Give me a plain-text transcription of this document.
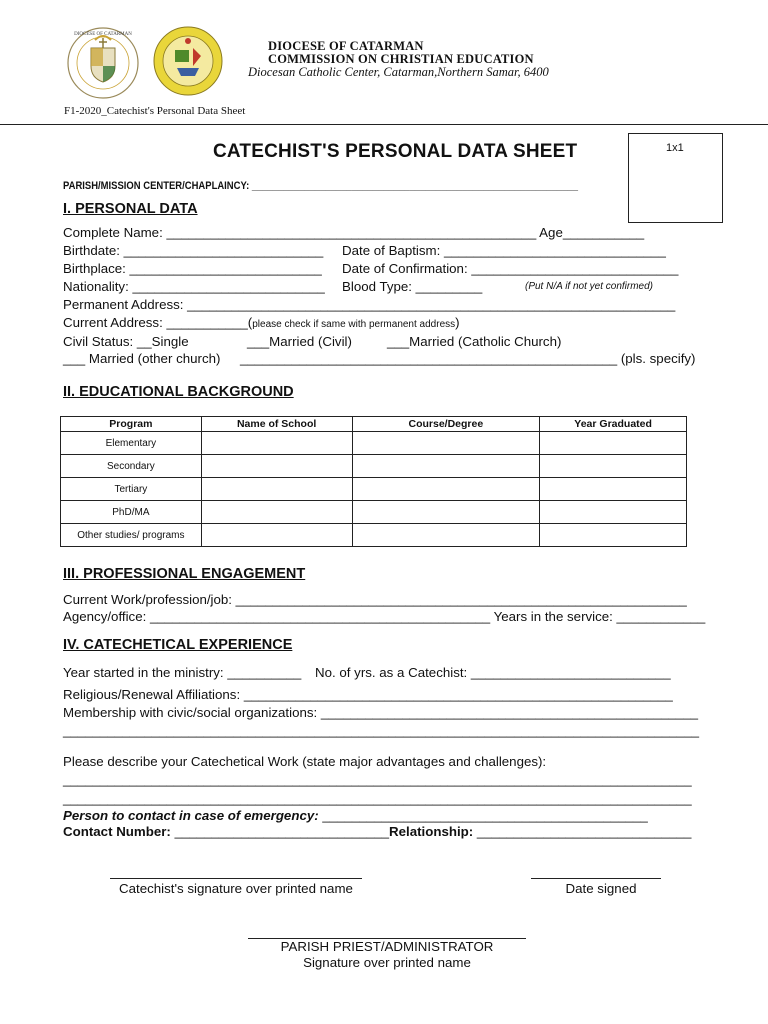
DIOCESE OF CATARMAN
DIOCESE OF CATARMAN
COMMISSION ON CHRISTIAN EDUCATION
Diocesan Catholic Center, Catarman,Northern Samar, 6400
F1-2020_Catechist's Personal Data Sheet
CATECHIST'S PERSONAL DATA SHEET	1x1
PARISH/MISSION CENTER/CHAPLAINCY: ______________________________________________________________
I. PERSONAL DATA
Complete Name: __________________________________________________ Age___________
Birthdate: ___________________________ Date of Baptism: ______________________________
Birthplace: __________________________ Date of Confirmation: ____________________________
Nationality: __________________________ Blood Type: _________	(Put N/A if not yet confirmed)
Permanent Address: __________________________________________________________________
Current Address: ___________(please check if same with permanent address)
Civil Status: __Single	___Married (Civil)	___Married (Catholic Church)
___ Married (other church) ___________________________________________________ (pls. specify)
II. EDUCATIONAL BACKGROUND
Program	Name of School	Course/Degree	Year Graduated
Elementary			
Secondary			
Tertiary			
PhD/MA			
Other studies/ programs			
III. PROFESSIONAL ENGAGEMENT
Current Work/profession/job: _____________________________________________________________
Agency/office: ______________________________________________ Years in the service: ____________
IV. CATECHETICAL EXPERIENCE
Year started in the ministry: __________ No. of yrs. as a Catechist: ___________________________
Religious/Renewal Affiliations: __________________________________________________________
Membership with civic/social organizations: ___________________________________________________
______________________________________________________________________________________
Please describe your Catechetical Work (state major advantages and challenges):
_____________________________________________________________________________________
_____________________________________________________________________________________
Person to contact in case of emergency: ____________________________________________
Contact Number: _____________________________ Relationship: _____________________________
Catechist's signature over printed name	Date signed
PARISH PRIEST/ADMINISTRATOR
Signature over printed name
